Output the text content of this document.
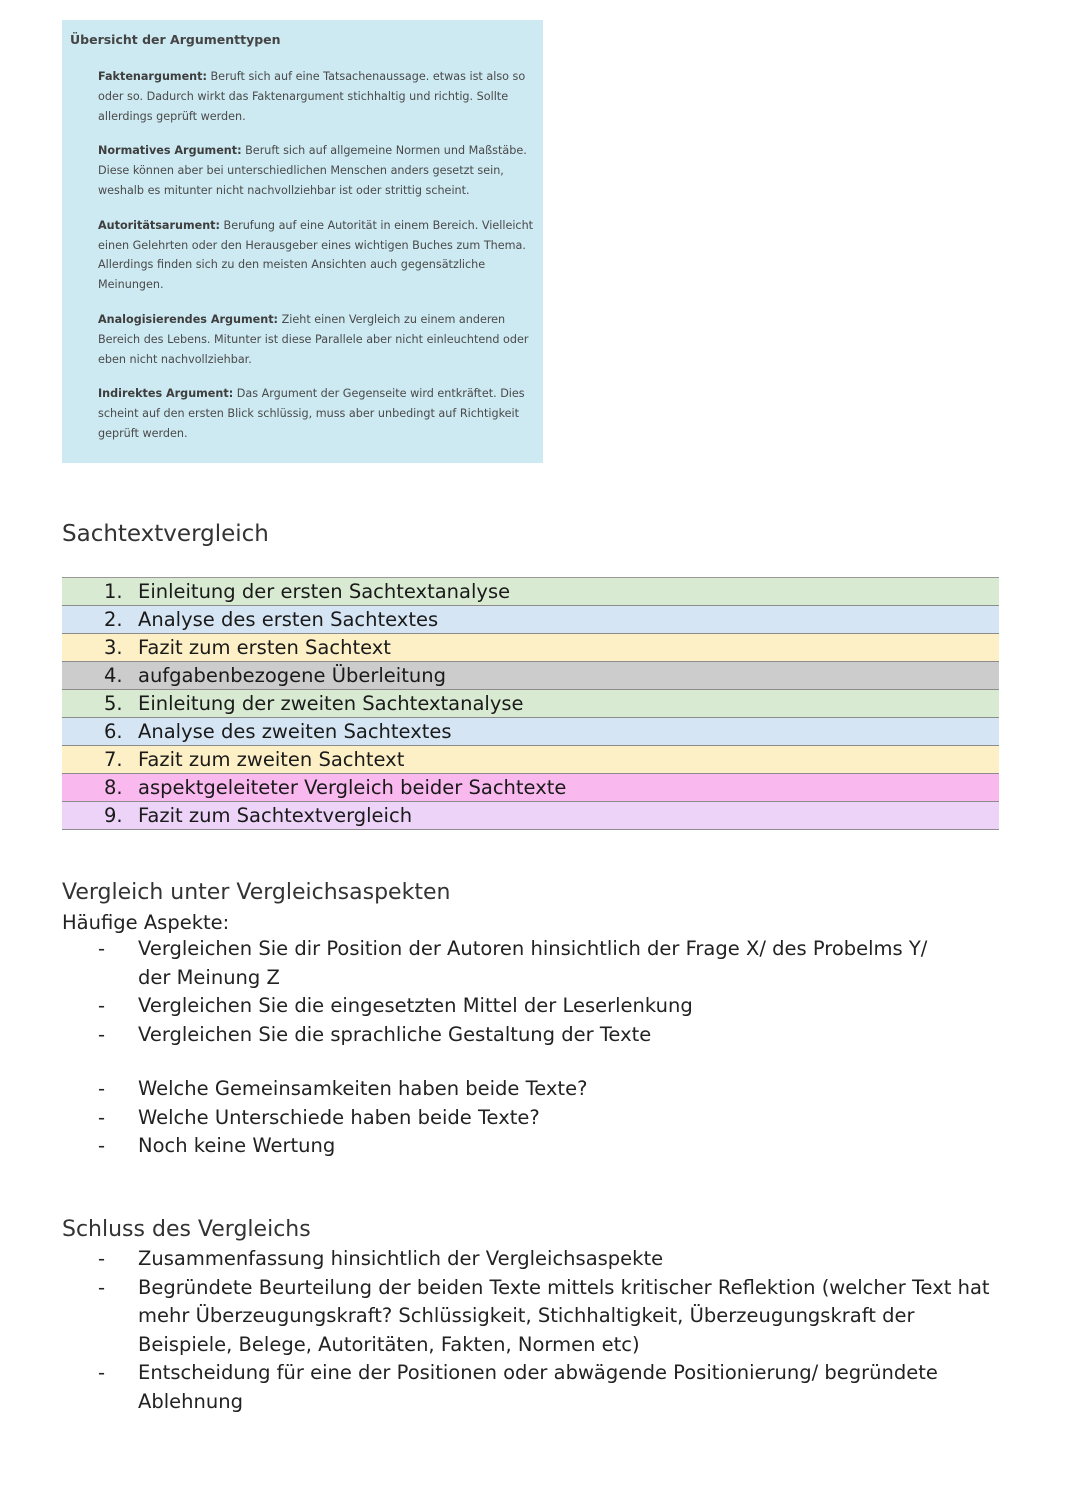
Übersicht der Argumenttypen
Faktenargument: Beruft sich auf eine Tatsachenaussage. etwas ist also so oder so. Dadurch wirkt das Faktenargument stichhaltig und richtig. Sollte allerdings geprüft werden.
Normatives Argument: Beruft sich auf allgemeine Normen und Maßstäbe. Diese können aber bei unterschiedlichen Menschen anders gesetzt sein, weshalb es mitunter nicht nachvollziehbar ist oder strittig scheint.
Autoritätsarument: Berufung auf eine Autorität in einem Bereich. Vielleicht einen Gelehrten oder den Herausgeber eines wichtigen Buches zum Thema. Allerdings finden sich zu den meisten Ansichten auch gegensätzliche Meinungen.
Analogisierendes Argument: Zieht einen Vergleich zu einem anderen Bereich des Lebens. Mitunter ist diese Parallele aber nicht einleuchtend oder eben nicht nachvollziehbar.
Indirektes Argument: Das Argument der Gegenseite wird entkräftet. Dies scheint auf den ersten Blick schlüssig, muss aber unbedingt auf Richtigkeit geprüft werden.
Sachtextvergleich
1. Einleitung der ersten Sachtextanalyse
2. Analyse des ersten Sachtextes
3. Fazit zum ersten Sachtext
4. aufgabenbezogene Überleitung
5. Einleitung der zweiten Sachtextanalyse
6. Analyse des zweiten Sachtextes
7. Fazit zum zweiten Sachtext
8. aspektgeleiteter Vergleich beider Sachtexte
9. Fazit zum Sachtextvergleich
Vergleich unter Vergleichsaspekten
Häufige Aspekte:
- Vergleichen Sie dir Position der Autoren hinsichtlich der Frage X/ des Probelms Y/ der Meinung Z
- Vergleichen Sie die eingesetzten Mittel der Leserlenkung
- Vergleichen Sie die sprachliche Gestaltung der Texte
- Welche Gemeinsamkeiten haben beide Texte?
- Welche Unterschiede haben beide Texte?
- Noch keine Wertung
Schluss des Vergleichs
- Zusammenfassung hinsichtlich der Vergleichsaspekte
- Begründete Beurteilung der beiden Texte mittels kritischer Reflektion (welcher Text hat mehr Überzeugungskraft? Schlüssigkeit, Stichhaltigkeit, Überzeugungskraft der Beispiele, Belege, Autoritäten, Fakten, Normen etc)
- Entscheidung für eine der Positionen oder abwägende Positionierung/ begründete Ablehnung
